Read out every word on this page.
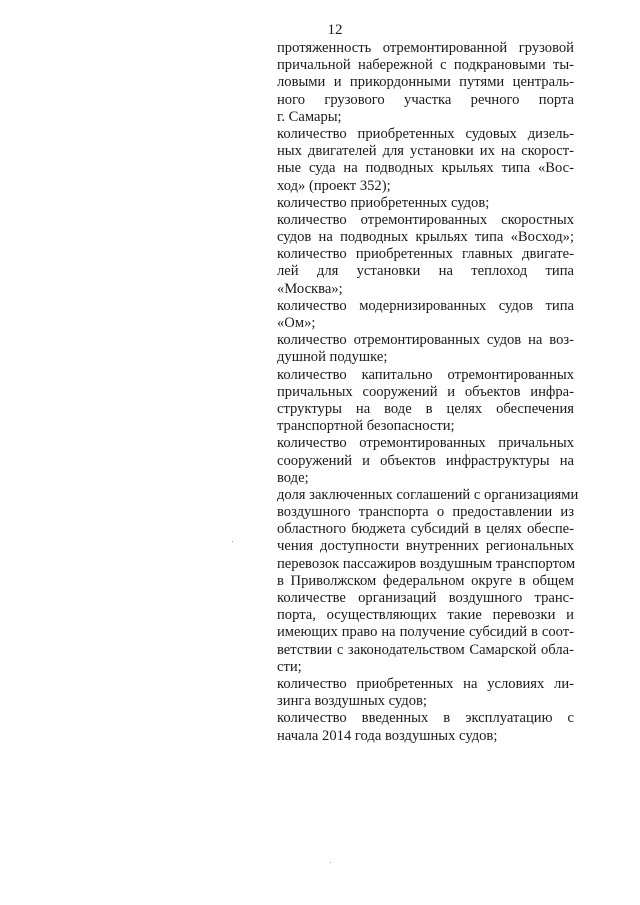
12
протяженность отремонтированной грузовой
причальной набережной с подкрановыми ты-
ловыми и прикордонными путями централь-
ного грузового участка речного порта
г. Самары;
количество приобретенных судовых дизель-
ных двигателей для установки их на скорост-
ные суда на подводных крыльях типа «Вос-
ход» (проект 352);
количество приобретенных судов;
количество отремонтированных скоростных
судов на подводных крыльях типа «Восход»;
количество приобретенных главных двигате-
лей для установки на теплоход типа
«Москва»;
количество модернизированных судов типа
«Ом»;
количество отремонтированных судов на воз-
душной подушке;
количество капитально отремонтированных
причальных сооружений и объектов инфра-
структуры на воде в целях обеспечения
транспортной безопасности;
количество отремонтированных причальных
сооружений и объектов инфраструктуры на
воде;
доля заключенных соглашений с организациями
воздушного транспорта о предоставлении из
областного бюджета субсидий в целях обеспе-
чения доступности внутренних региональных
перевозок пассажиров воздушным транспортом
в Приволжском федеральном округе в общем
количестве организаций воздушного транс-
порта, осуществляющих такие перевозки и
имеющих право на получение субсидий в соот-
ветствии с законодательством Самарской обла-
сти;
количество приобретенных на условиях ли-
зинга воздушных судов;
количество введенных в эксплуатацию с
начала 2014 года воздушных судов;
